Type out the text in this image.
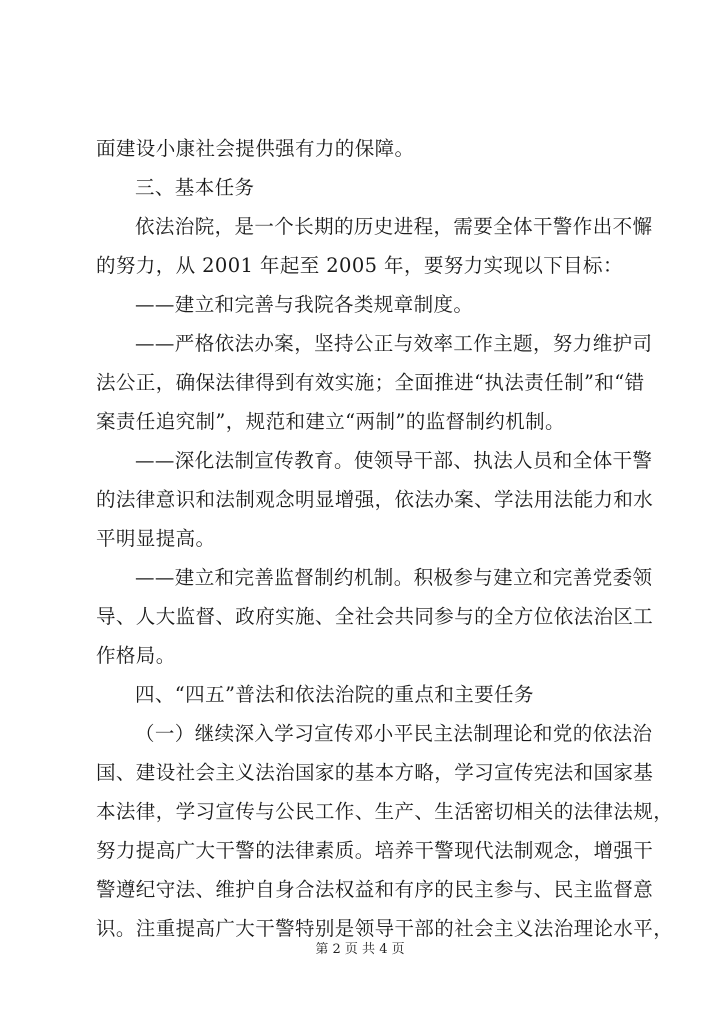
面建设小康社会提供强有力的保障。
三、基本任务
依法治院，是一个长期的历史进程，需要全体干警作出不懈
的努力，从 2001 年起至 2005 年，要努力实现以下目标：
——建立和完善与我院各类规章制度。
——严格依法办案，坚持公正与效率工作主题，努力维护司
法公正，确保法律得到有效实施；全面推进“执法责任制”和“错
案责任追究制”，规范和建立“两制”的监督制约机制。
——深化法制宣传教育。使领导干部、执法人员和全体干警
的法律意识和法制观念明显增强，依法办案、学法用法能力和水
平明显提高。
——建立和完善监督制约机制。积极参与建立和完善党委领
导、人大监督、政府实施、全社会共同参与的全方位依法治区工
作格局。
四、“四五”普法和依法治院的重点和主要任务
（一）继续深入学习宣传邓小平民主法制理论和党的依法治
国、建设社会主义法治国家的基本方略，学习宣传宪法和国家基
本法律，学习宣传与公民工作、生产、生活密切相关的法律法规，
努力提高广大干警的法律素质。培养干警现代法制观念，增强干
警遵纪守法、维护自身合法权益和有序的民主参与、民主监督意
识。注重提高广大干警特别是领导干部的社会主义法治理论水平，
第 2 页 共 4 页
